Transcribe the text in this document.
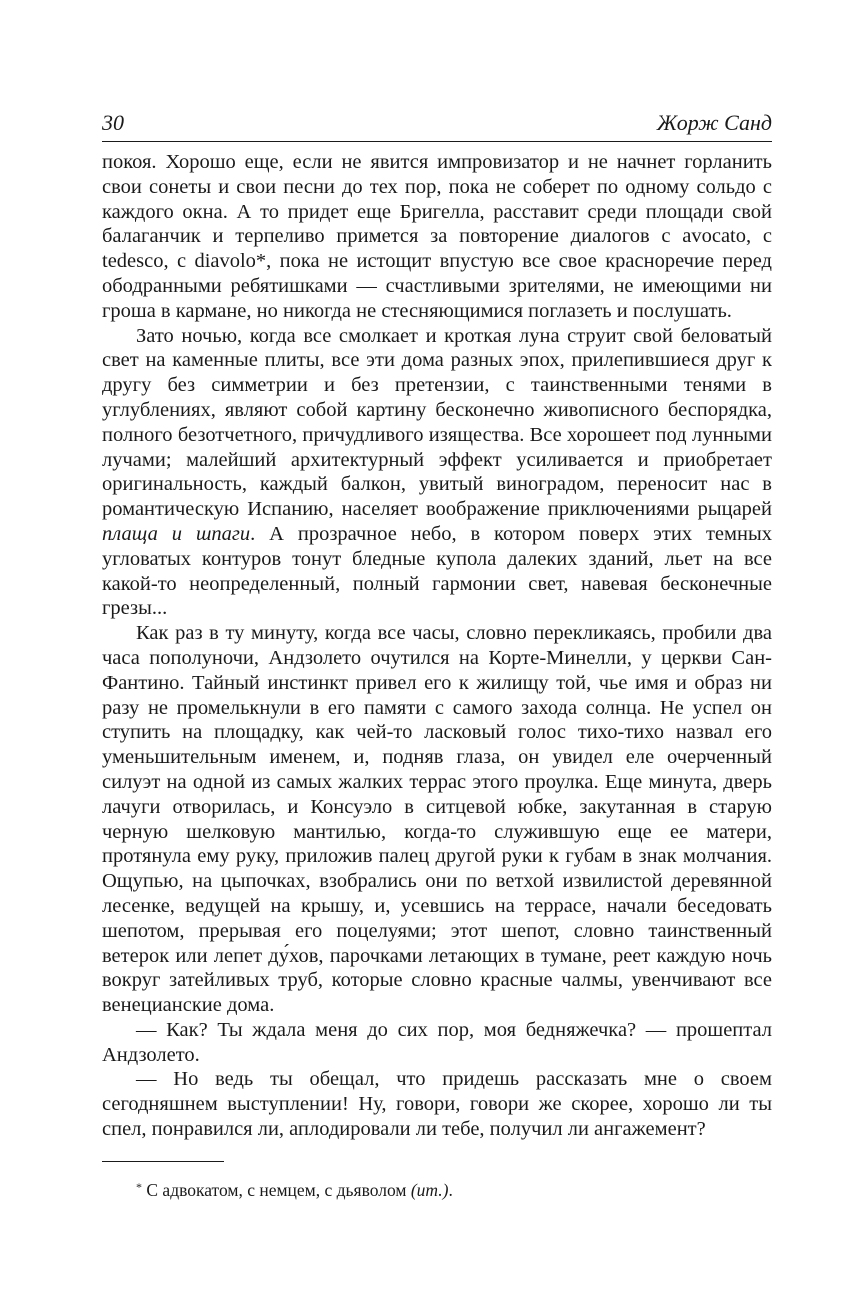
30	Жорж Санд

покоя. Хорошо еще, если не явится импровизатор и не начнет горланить свои сонеты и свои песни до тех пор, пока не соберет по одному сольдо с каждого окна. А то придет еще Бригелла, расставит среди площади свой балаганчик и терпеливо примется за повторение диалогов с avocato, с tedesco, с diavolo*, пока не истощит впустую все свое красноречие перед ободранными ребятишками — счастливыми зрителями, не имеющими ни гроша в кармане, но никогда не стесняющимися поглазеть и послушать.

Зато ночью, когда все смолкает и кроткая луна струит свой беловатый свет на каменные плиты, все эти дома разных эпох, прилепившиеся друг к другу без симметрии и без претензии, с таинственными тенями в углублениях, являют собой картину бесконечно живописного беспорядка, полного безотчетного, причудливого изящества. Все хорошеет под лунными лучами; малейший архитектурный эффект усиливается и приобретает оригинальность, каждый балкон, увитый виноградом, переносит нас в романтическую Испанию, населяет воображение приключениями рыцарей плаща и шпаги. А прозрачное небо, в котором поверх этих темных угловатых контуров тонут бледные купола далеких зданий, льет на все какой-то неопределенный, полный гармонии свет, навевая бесконечные грезы...

Как раз в ту минуту, когда все часы, словно перекликаясь, пробили два часа пополуночи, Андзолето очутился на Корте-Минелли, у церкви Сан-Фантино. Тайный инстинкт привел его к жилищу той, чье имя и образ ни разу не промелькнули в его памяти с самого захода солнца. Не успел он ступить на площадку, как чей-то ласковый голос тихо-тихо назвал его уменьшительным именем, и, подняв глаза, он увидел еле очерченный силуэт на одной из самых жалких террас этого проулка. Еще минута, дверь лачуги отворилась, и Консуэло в ситцевой юбке, закутанная в старую черную шелковую мантилью, когда-то служившую еще ее матери, протянула ему руку, приложив палец другой руки к губам в знак молчания. Ощупью, на цыпочках, взобрались они по ветхой извилистой деревянной лесенке, ведущей на крышу, и, усевшись на террасе, начали беседовать шепотом, прерывая его поцелуями; этот шепот, словно таинственный ветерок или лепет ду́хов, парочками летающих в тумане, реет каждую ночь вокруг затейливых труб, которые словно красные чалмы, увенчивают все венецианские дома.

— Как? Ты ждала меня до сих пор, моя бедняжечка? — прошептал Андзолето.

— Но ведь ты обещал, что придешь рассказать мне о своем сегодняшнем выступлении! Ну, говори, говори же скорее, хорошо ли ты спел, понравился ли, аплодировали ли тебе, получил ли ангажемент?

* С адвокатом, с немцем, с дьяволом (ит.).
